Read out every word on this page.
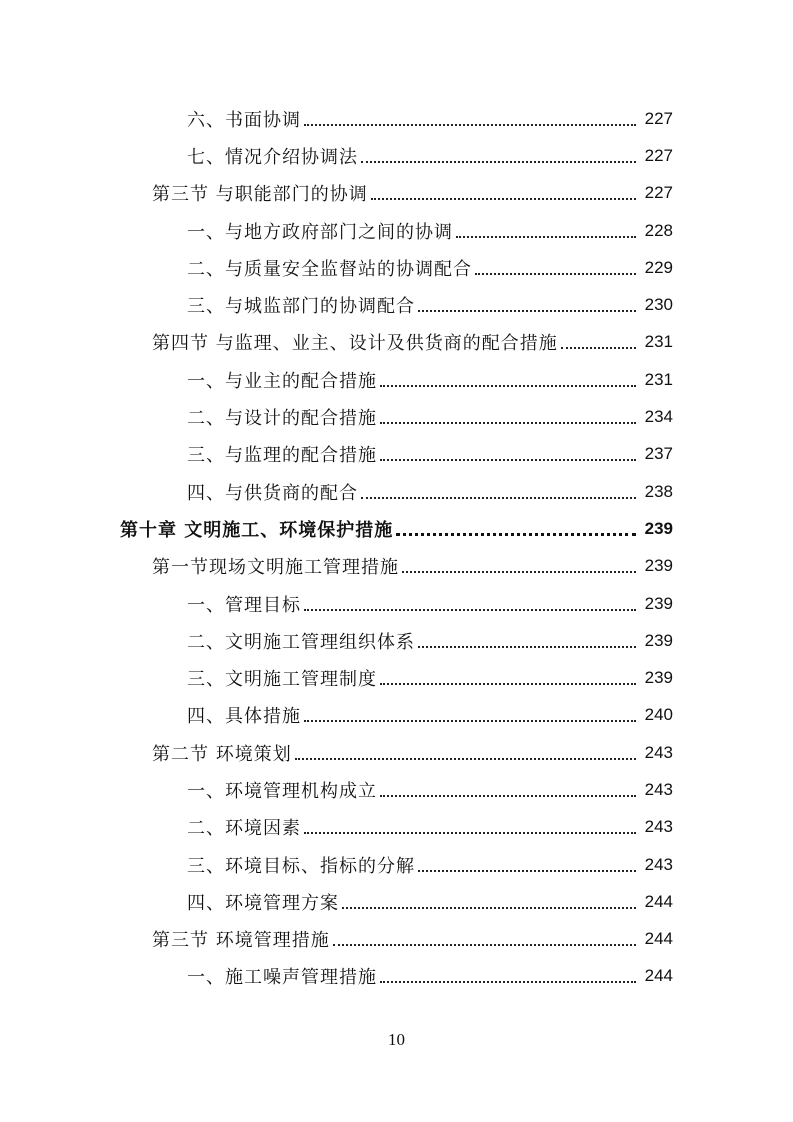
六、书面协调	227
七、情况介绍协调法	227
第三节 与职能部门的协调	227
一、与地方政府部门之间的协调	228
二、与质量安全监督站的协调配合	229
三、与城监部门的协调配合	230
第四节 与监理、业主、设计及供货商的配合措施	231
一、与业主的配合措施	231
二、与设计的配合措施	234
三、与监理的配合措施	237
四、与供货商的配合	238
第十章 文明施工、环境保护措施	239
第一节现场文明施工管理措施	239
一、管理目标	239
二、文明施工管理组织体系	239
三、文明施工管理制度	239
四、具体措施	240
第二节 环境策划	243
一、环境管理机构成立	243
二、环境因素	243
三、环境目标、指标的分解	243
四、环境管理方案	244
第三节 环境管理措施	244
一、施工噪声管理措施	244
10
